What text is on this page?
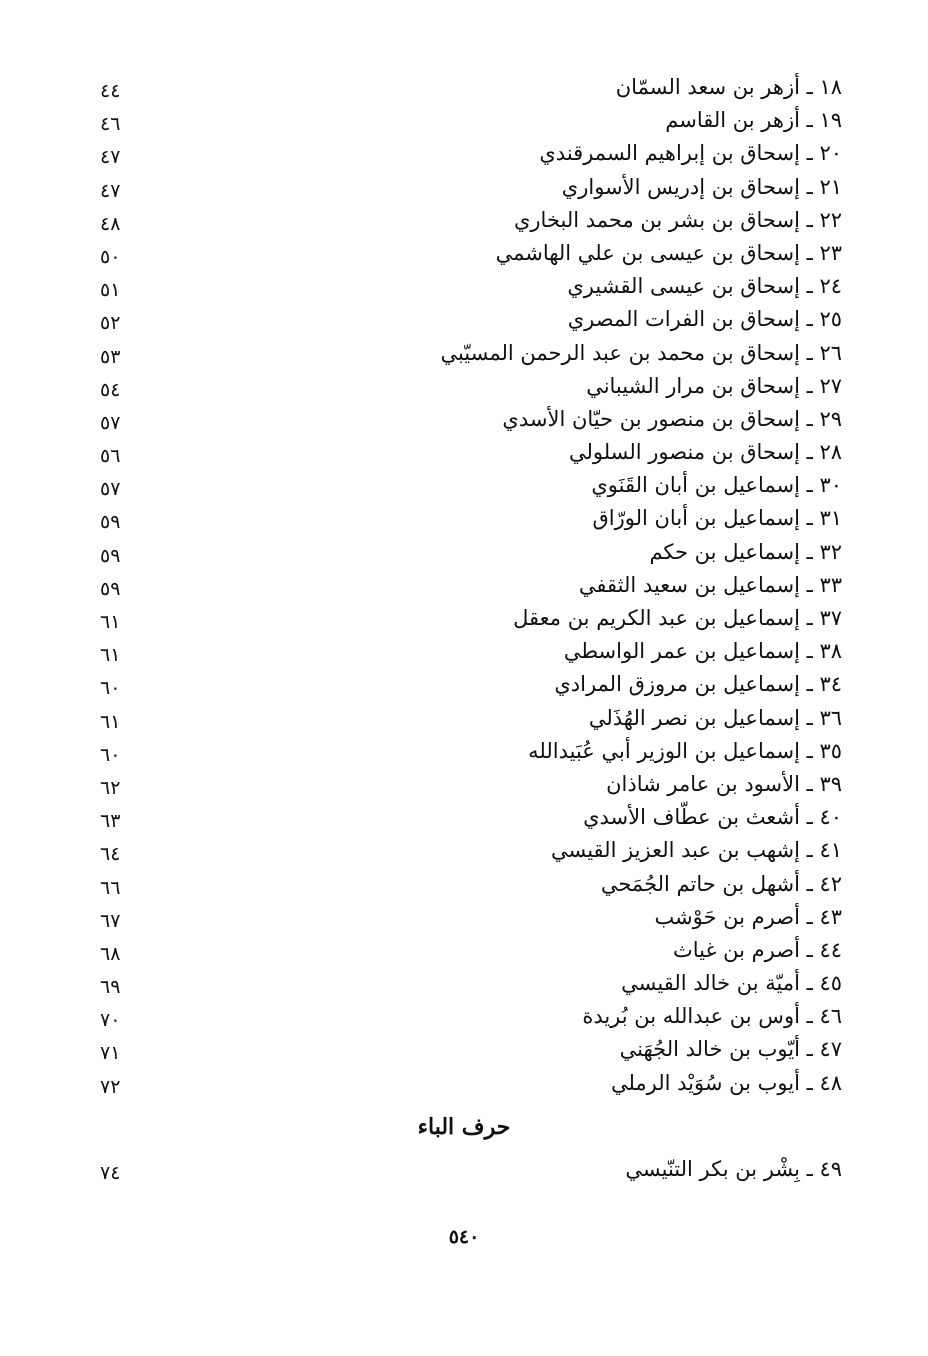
١٨ ـ أزهر بن سعد السمّان
٤٤
١٩ ـ أزهر بن القاسم
٤٦
٢٠ ـ إسحاق بن إبراهيم السمرقندي
٤٧
٢١ ـ إسحاق بن إدريس الأسواري
٤٧
٢٢ ـ إسحاق بن بشر بن محمد البخاري
٤٨
٢٣ ـ إسحاق بن عيسى بن علي الهاشمي
٥٠
٢٤ ـ إسحاق بن عيسى القشيري
٥١
٢٥ ـ إسحاق بن الفرات المصري
٥٢
٢٦ ـ إسحاق بن محمد بن عبد الرحمن المسيّبي
٥٣
٢٧ ـ إسحاق بن مرار الشيباني
٥٤
٢٩ ـ إسحاق بن منصور بن حيّان الأسدي
٥٧
٢٨ ـ إسحاق بن منصور السلولي
٥٦
٣٠ ـ إسماعيل بن أبان القَنَوي
٥٧
٣١ ـ إسماعيل بن أبان الورّاق
٥٩
٣٢ ـ إسماعيل بن حكم
٥٩
٣٣ ـ إسماعيل بن سعيد الثقفي
٥٩
٣٧ ـ إسماعيل بن عبد الكريم بن معقل
٦١
٣٨ ـ إسماعيل بن عمر الواسطي
٦١
٣٤ ـ إسماعيل بن مروزق المرادي
٦٠
٣٦ ـ إسماعيل بن نصر الهُذَلي
٦١
٣٥ ـ إسماعيل بن الوزير أبي عُبَيدالله
٦٠
٣٩ ـ الأسود بن عامر شاذان
٦٢
٤٠ ـ أشعث بن عطّاف الأسدي
٦٣
٤١ ـ إشهب بن عبد العزيز القيسي
٦٤
٤٢ ـ أشهل بن حاتم الجُمَحي
٦٦
٤٣ ـ أصرم بن حَوْشب
٦٧
٤٤ ـ أصرم بن غياث
٦٨
٤٥ ـ أميّة بن خالد القيسي
٦٩
٤٦ ـ أوس بن عبدالله بن بُريدة
٧٠
٤٧ ـ أيّوب بن خالد الجُهَني
٧١
٤٨ ـ أيوب بن سُوَيْد الرملي
٧٢
حرف الباء
٤٩ ـ بِشْر بن بكر التنّيسي
٧٤
٥٤٠
